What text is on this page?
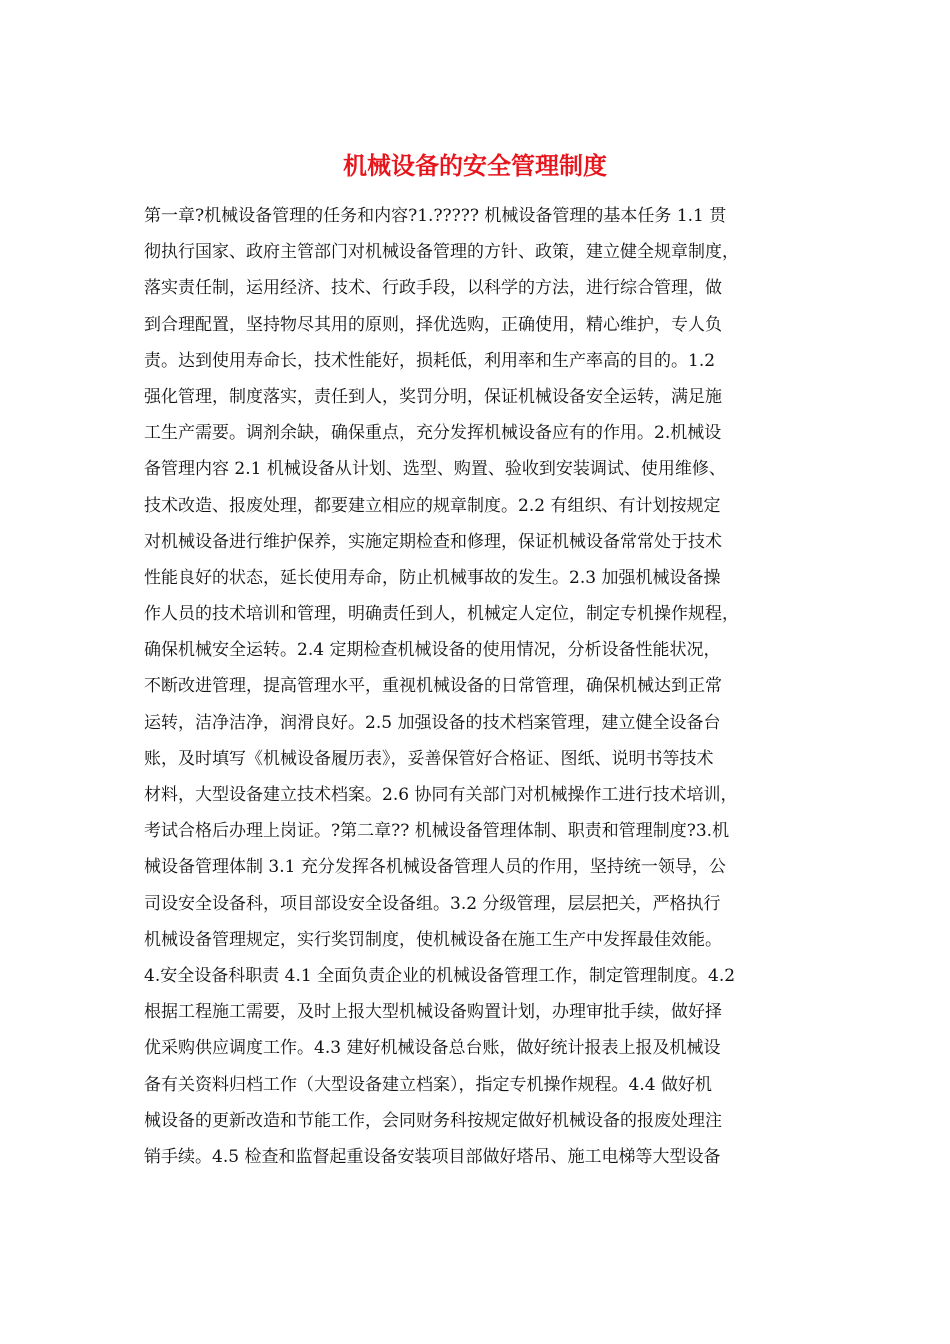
机械设备的安全管理制度
第一章?机械设备管理的任务和内容?1.????? 机械设备管理的基本任务 1.1 贯
彻执行国家、政府主管部门对机械设备管理的方针、政策，建立健全规章制度，
落实责任制，运用经济、技术、行政手段，以科学的方法，进行综合管理，做
到合理配置，坚持物尽其用的原则，择优选购，正确使用，精心维护，专人负
责。达到使用寿命长，技术性能好，损耗低，利用率和生产率高的目的。1.2
强化管理，制度落实，责任到人，奖罚分明，保证机械设备安全运转，满足施
工生产需要。调剂余缺，确保重点，充分发挥机械设备应有的作用。2.机械设
备管理内容 2.1 机械设备从计划、选型、购置、验收到安装调试、使用维修、
技术改造、报废处理，都要建立相应的规章制度。2.2 有组织、有计划按规定
对机械设备进行维护保养，实施定期检查和修理，保证机械设备常常处于技术
性能良好的状态，延长使用寿命，防止机械事故的发生。2.3 加强机械设备操
作人员的技术培训和管理，明确责任到人，机械定人定位，制定专机操作规程，
确保机械安全运转。2.4 定期检查机械设备的使用情况，分析设备性能状况，
不断改进管理，提高管理水平，重视机械设备的日常管理，确保机械达到正常
运转，洁净洁净，润滑良好。2.5 加强设备的技术档案管理，建立健全设备台
账，及时填写《机械设备履历表》，妥善保管好合格证、图纸、说明书等技术
材料，大型设备建立技术档案。2.6 协同有关部门对机械操作工进行技术培训，
考试合格后办理上岗证。?第二章?? 机械设备管理体制、职责和管理制度?3.机
械设备管理体制 3.1 充分发挥各机械设备管理人员的作用，坚持统一领导，公
司设安全设备科，项目部设安全设备组。3.2 分级管理，层层把关，严格执行
机械设备管理规定，实行奖罚制度，使机械设备在施工生产中发挥最佳效能。
4.安全设备科职责 4.1 全面负责企业的机械设备管理工作，制定管理制度。4.2
根据工程施工需要，及时上报大型机械设备购置计划，办理审批手续，做好择
优采购供应调度工作。4.3 建好机械设备总台账，做好统计报表上报及机械设
备有关资料归档工作（大型设备建立档案），指定专机操作规程。4.4 做好机
械设备的更新改造和节能工作，会同财务科按规定做好机械设备的报废处理注
销手续。4.5 检查和监督起重设备安装项目部做好塔吊、施工电梯等大型设备
